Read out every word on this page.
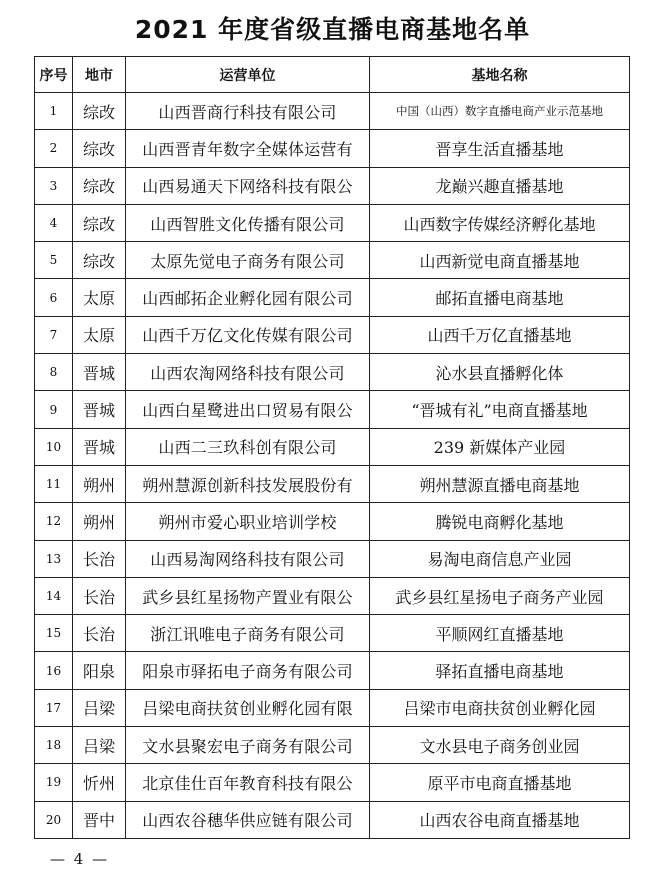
2021 年度省级直播电商基地名单
序号	地市	运营单位	基地名称
1	综改	山西晋商行科技有限公司	中国（山西）数字直播电商产业示范基地
2	综改	山西晋青年数字全媒体运营有	晋享生活直播基地
3	综改	山西易通天下网络科技有限公	龙巅兴趣直播基地
4	综改	山西智胜文化传播有限公司	山西数字传媒经济孵化基地
5	综改	太原先觉电子商务有限公司	山西新觉电商直播基地
6	太原	山西邮拓企业孵化园有限公司	邮拓直播电商基地
7	太原	山西千万亿文化传媒有限公司	山西千万亿直播基地
8	晋城	山西农淘网络科技有限公司	沁水县直播孵化体
9	晋城	山西白星鹭进出口贸易有限公	“晋城有礼”电商直播基地
10	晋城	山西二三玖科创有限公司	239 新媒体产业园
11	朔州	朔州慧源创新科技发展股份有	朔州慧源直播电商基地
12	朔州	朔州市爱心职业培训学校	腾锐电商孵化基地
13	长治	山西易淘网络科技有限公司	易淘电商信息产业园
14	长治	武乡县红星扬物产置业有限公	武乡县红星扬电子商务产业园
15	长治	浙江讯唯电子商务有限公司	平顺网红直播基地
16	阳泉	阳泉市驿拓电子商务有限公司	驿拓直播电商基地
17	吕梁	吕梁电商扶贫创业孵化园有限	吕梁市电商扶贫创业孵化园
18	吕梁	文水县聚宏电子商务有限公司	文水县电子商务创业园
19	忻州	北京佳仕百年教育科技有限公	原平市电商直播基地
20	晋中	山西农谷穗华供应链有限公司	山西农谷电商直播基地
— 4 —
